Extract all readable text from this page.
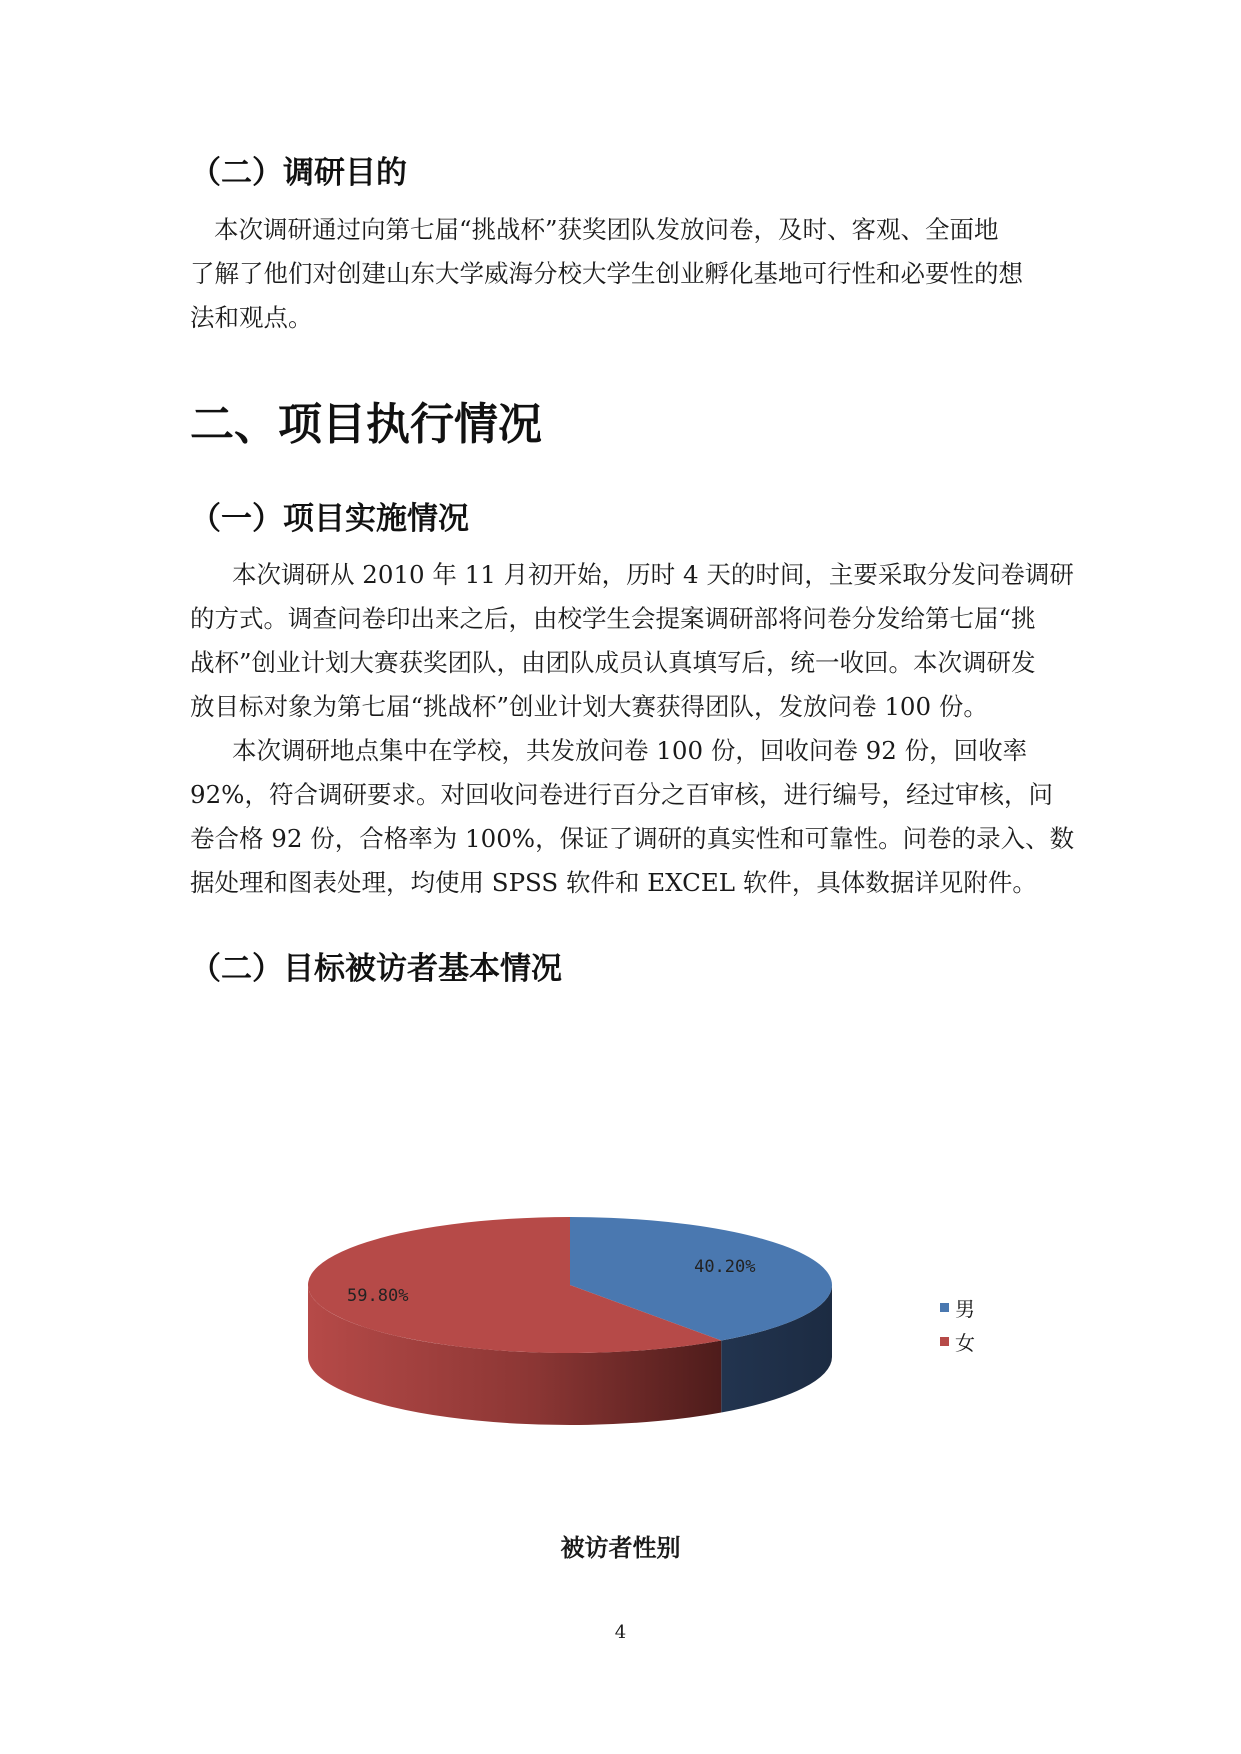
（二）调研目的
本次调研通过向第七届“挑战杯”获奖团队发放问卷，及时、客观、全面地
了解了他们对创建山东大学威海分校大学生创业孵化基地可行性和必要性的想
法和观点。
二、项目执行情况
（一）项目实施情况
本次调研从 2010 年 11 月初开始，历时 4 天的时间，主要采取分发问卷调研
的方式。调查问卷印出来之后，由校学生会提案调研部将问卷分发给第七届“挑
战杯”创业计划大赛获奖团队，由团队成员认真填写后，统一收回。本次调研发
放目标对象为第七届“挑战杯”创业计划大赛获得团队，发放问卷 100 份。
本次调研地点集中在学校，共发放问卷 100 份，回收问卷 92 份，回收率
92%，符合调研要求。对回收问卷进行百分之百审核，进行编号，经过审核，问
卷合格 92 份，合格率为 100%，保证了调研的真实性和可靠性。问卷的录入、数
据处理和图表处理，均使用 SPSS 软件和 EXCEL 软件，具体数据详见附件。
（二）目标被访者基本情况
40.20%
59.80%
男
女
被访者性别
4
